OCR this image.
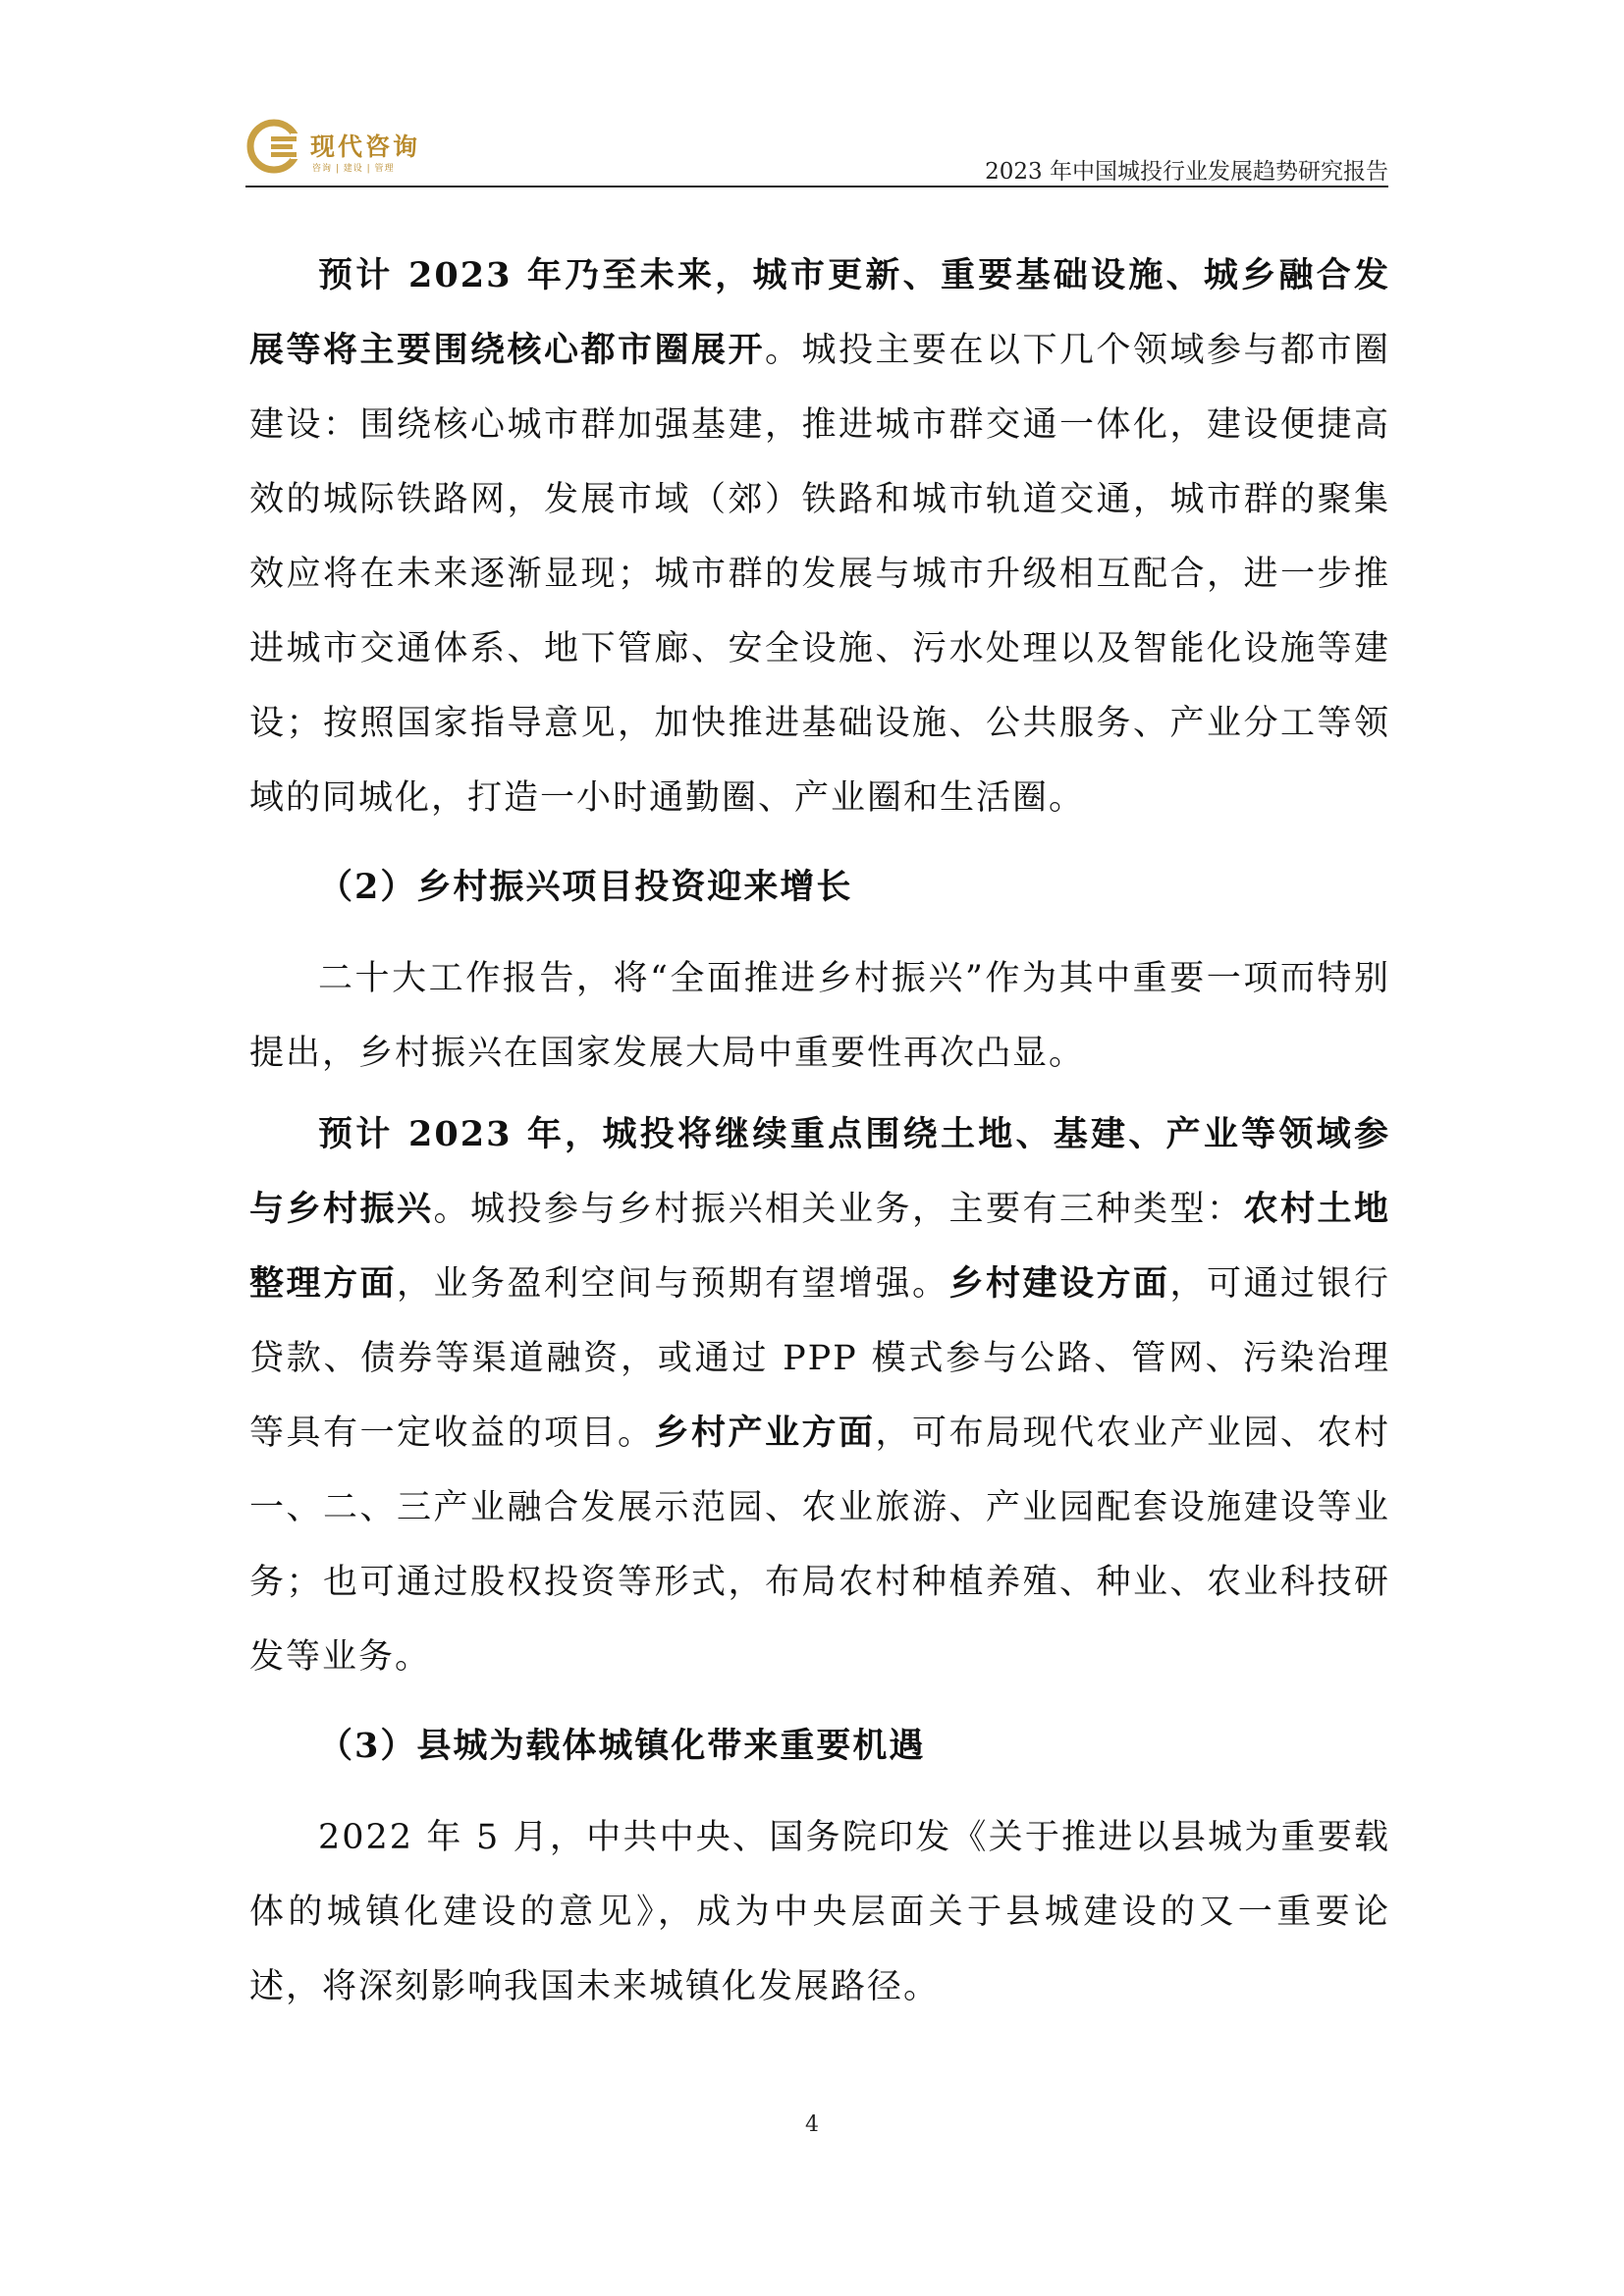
现代咨询
咨询 | 建设 | 管理	2023 年中国城投行业发展趋势研究报告

预计 2023 年乃至未来，城市更新、重要基础设施、城乡融合发展等将主要围绕核心都市圈展开。城投主要在以下几个领域参与都市圈建设：围绕核心城市群加强基建，推进城市群交通一体化，建设便捷高效的城际铁路网，发展市域（郊）铁路和城市轨道交通，城市群的聚集效应将在未来逐渐显现；城市群的发展与城市升级相互配合，进一步推进城市交通体系、地下管廊、安全设施、污水处理以及智能化设施等建设；按照国家指导意见，加快推进基础设施、公共服务、产业分工等领域的同城化，打造一小时通勤圈、产业圈和生活圈。

（2）乡村振兴项目投资迎来增长

二十大工作报告，将“全面推进乡村振兴”作为其中重要一项而特别提出，乡村振兴在国家发展大局中重要性再次凸显。

预计 2023 年，城投将继续重点围绕土地、基建、产业等领域参与乡村振兴。城投参与乡村振兴相关业务，主要有三种类型：农村土地整理方面，业务盈利空间与预期有望增强。乡村建设方面，可通过银行贷款、债券等渠道融资，或通过 PPP 模式参与公路、管网、污染治理等具有一定收益的项目。乡村产业方面，可布局现代农业产业园、农村一、二、三产业融合发展示范园、农业旅游、产业园配套设施建设等业务；也可通过股权投资等形式，布局农村种植养殖、种业、农业科技研发等业务。

（3）县城为载体城镇化带来重要机遇

2022 年 5 月，中共中央、国务院印发《关于推进以县城为重要载体的城镇化建设的意见》，成为中央层面关于县城建设的又一重要论述，将深刻影响我国未来城镇化发展路径。

4
